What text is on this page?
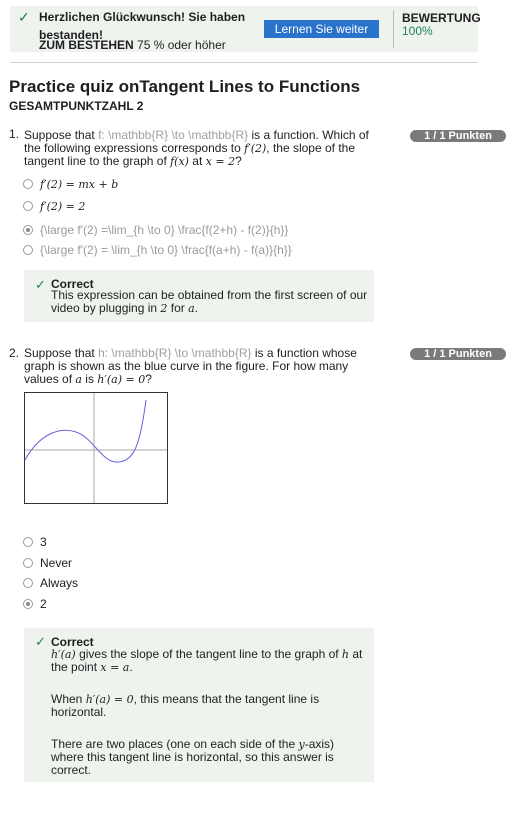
✓ Herzlichen Glückwunsch! Sie haben bestanden!
ZUM BESTEHEN 75 % oder höher
Lernen Sie weiter
BEWERTUNG
100%
Practice quiz onTangent Lines to Functions
GESAMTPUNKTZAHL 2
1. Suppose that f: \mathbb{R} \to \mathbb{R} is a function. Which of the following expressions corresponds to f′(2), the slope of the tangent line to the graph of f(x) at x = 2?
1 / 1 Punkten
f′(2) = mx + b
f′(2) = 2
{\large f'(2) =\lim_{h \to 0} \frac{f(2+h) - f(2)}{h}}
{\large f'(2) = \lim_{h \to 0} \frac{f(a+h) - f(a)}{h}}
✓ Correct
This expression can be obtained from the first screen of our video by plugging in 2 for a.
2. Suppose that h: \mathbb{R} \to \mathbb{R} is a function whose graph is shown as the blue curve in the figure. For how many values of a is h′(a) = 0?
1 / 1 Punkten
3
Never
Always
2
✓ Correct
h′(a) gives the slope of the tangent line to the graph of h at the point x = a.
When h′(a) = 0, this means that the tangent line is horizontal.
There are two places (one on each side of the y-axis) where this tangent line is horizontal, so this answer is correct.
